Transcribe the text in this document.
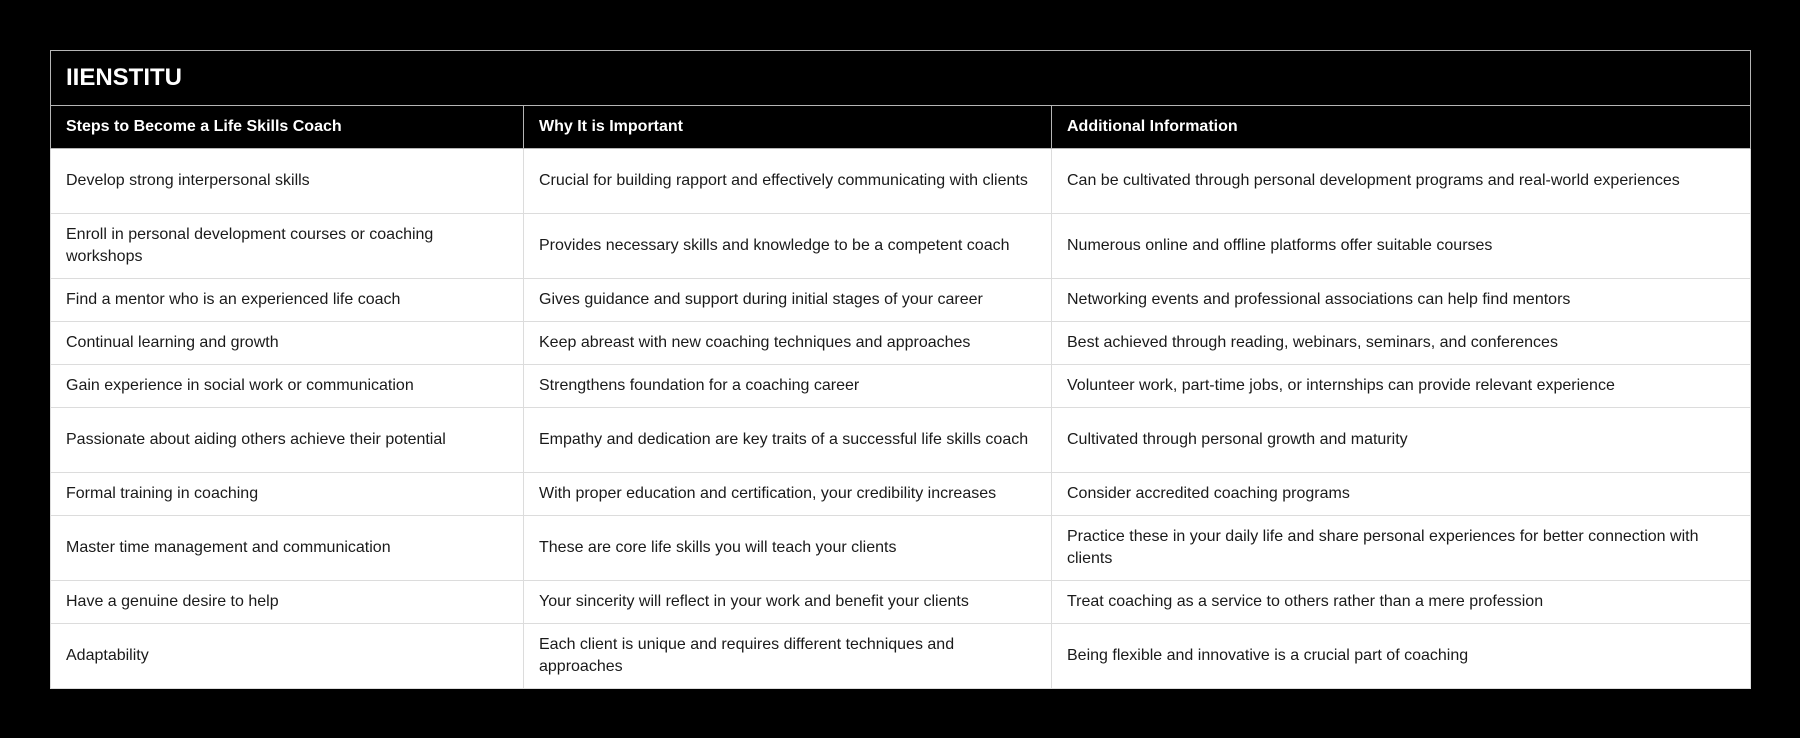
IIENSTITU		
Steps to Become a Life Skills Coach	Why It is Important	Additional Information
Develop strong interpersonal skills	Crucial for building rapport and effectively communicating with clients	Can be cultivated through personal development programs and real-world experiences
Enroll in personal development courses or coaching workshops	Provides necessary skills and knowledge to be a competent coach	Numerous online and offline platforms offer suitable courses
Find a mentor who is an experienced life coach	Gives guidance and support during initial stages of your career	Networking events and professional associations can help find mentors
Continual learning and growth	Keep abreast with new coaching techniques and approaches	Best achieved through reading, webinars, seminars, and conferences
Gain experience in social work or communication	Strengthens foundation for a coaching career	Volunteer work, part-time jobs, or internships can provide relevant experience
Passionate about aiding others achieve their potential	Empathy and dedication are key traits of a successful life skills coach	Cultivated through personal growth and maturity
Formal training in coaching	With proper education and certification, your credibility increases	Consider accredited coaching programs
Master time management and communication	These are core life skills you will teach your clients	Practice these in your daily life and share personal experiences for better connection with clients
Have a genuine desire to help	Your sincerity will reflect in your work and benefit your clients	Treat coaching as a service to others rather than a mere profession
Adaptability	Each client is unique and requires different techniques and approaches	Being flexible and innovative is a crucial part of coaching
